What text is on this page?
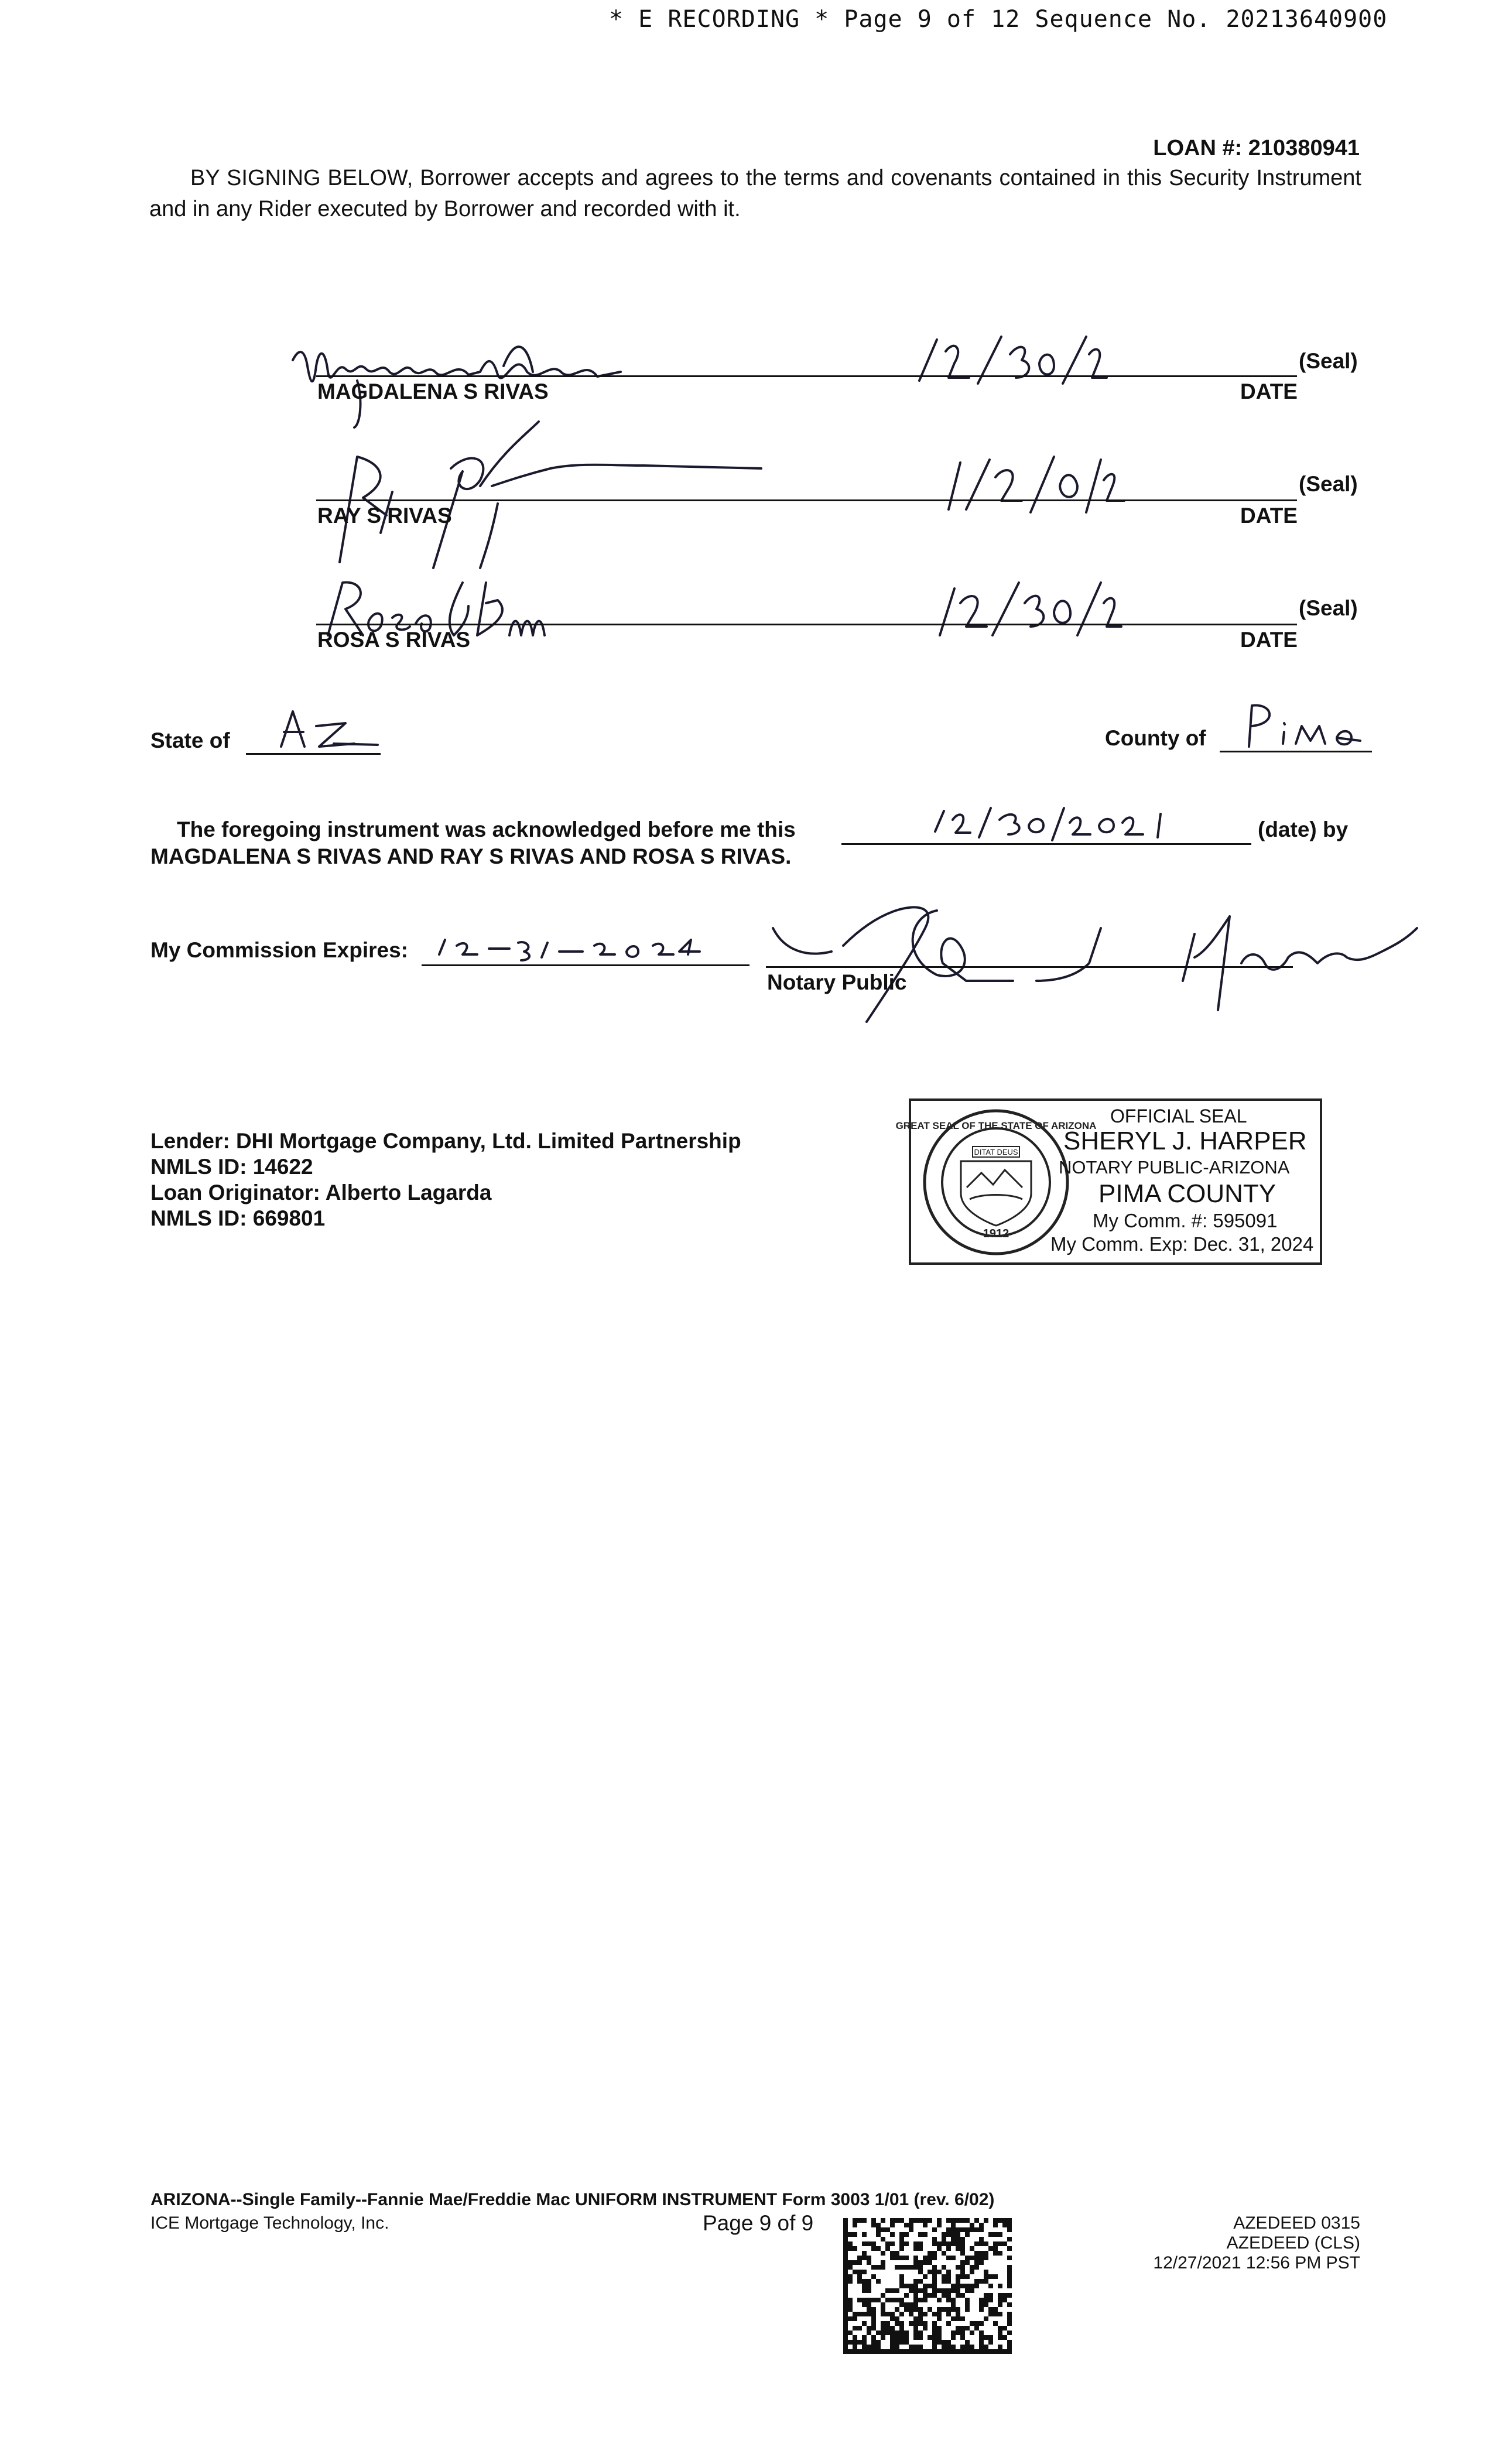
* E RECORDING * Page 9 of 12 Sequence No. 20213640900
LOAN #: 210380941
BY SIGNING BELOW, Borrower accepts and agrees to the terms and covenants contained in this Security Instrument and in any Rider executed by Borrower and recorded with it.
MAGDALENA S RIVAS
(Seal)
DATE
RAY S RIVAS
(Seal)
DATE
ROSA S RIVAS
(Seal)
DATE
State of	County of
The foregoing instrument was acknowledged before me this	(date) by
MAGDALENA S RIVAS AND RAY S RIVAS AND ROSA S RIVAS.
My Commission Expires:
Notary Public
Lender: DHI Mortgage Company, Ltd. Limited Partnership
NMLS ID: 14622
Loan Originator: Alberto Lagarda
NMLS ID: 669801
DITAT DEUS
1912
GREAT SEAL OF THE STATE OF ARIZONA OFFICIAL SEAL
SHERYL J. HARPER
NOTARY PUBLIC-ARIZONA
PIMA COUNTY
My Comm. #: 595091
My Comm. Exp: Dec. 31, 2024
ARIZONA--Single Family--Fannie Mae/Freddie Mac UNIFORM INSTRUMENT Form 3003 1/01 (rev. 6/02)
ICE Mortgage Technology, Inc.	Page 9 of 9	AZEDEED 0315
AZEDEED (CLS)
12/27/2021 12:56 PM PST
